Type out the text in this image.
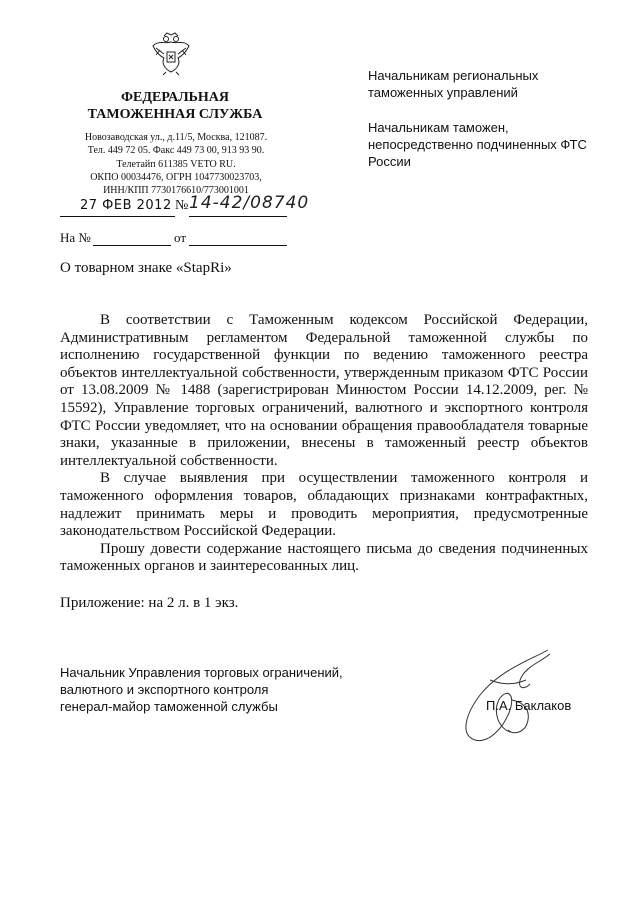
ФЕДЕРАЛЬНАЯ
ТАМОЖЕННАЯ СЛУЖБА
Новозаводская ул., д.11/5, Москва, 121087.
Тел. 449 72 05. Факс 449 73 00, 913 93 90.
Телетайп 611385 VETO RU.
ОКПО 00034476, ОГРН 1047730023703,
ИНН/КПП 7730176610/773001001
27 ФЕВ 2012 № 14-42/08740
На №	от
О товарном знаке «StapRi»

Начальникам региональных таможенных управлений

Начальникам таможен, непосредственно подчиненных ФТС России

В соответствии с Таможенным кодексом Российской Федерации, Административным регламентом Федеральной таможенной службы по исполнению государственной функции по ведению таможенного реестра объектов интеллектуальной собственности, утвержденным приказом ФТС России от 13.08.2009 № 1488 (зарегистрирован Минюстом России 14.12.2009, рег. № 15592), Управление торговых ограничений, валютного и экспортного контроля ФТС России уведомляет, что на основании обращения правообладателя товарные знаки, указанные в приложении, внесены в таможенный реестр объектов интеллектуальной собственности.

В случае выявления при осуществлении таможенного контроля и таможенного оформления товаров, обладающих признаками контрафактных, надлежит принимать меры и проводить мероприятия, предусмотренные законодательством Российской Федерации.

Прошу довести содержание настоящего письма до сведения подчиненных таможенных органов и заинтересованных лиц.

Приложение: на 2 л. в 1 экз.
Начальник Управления торговых ограничений,
валютного и экспортного контроля
генерал-майор таможенной службы	П.А. Баклаков
